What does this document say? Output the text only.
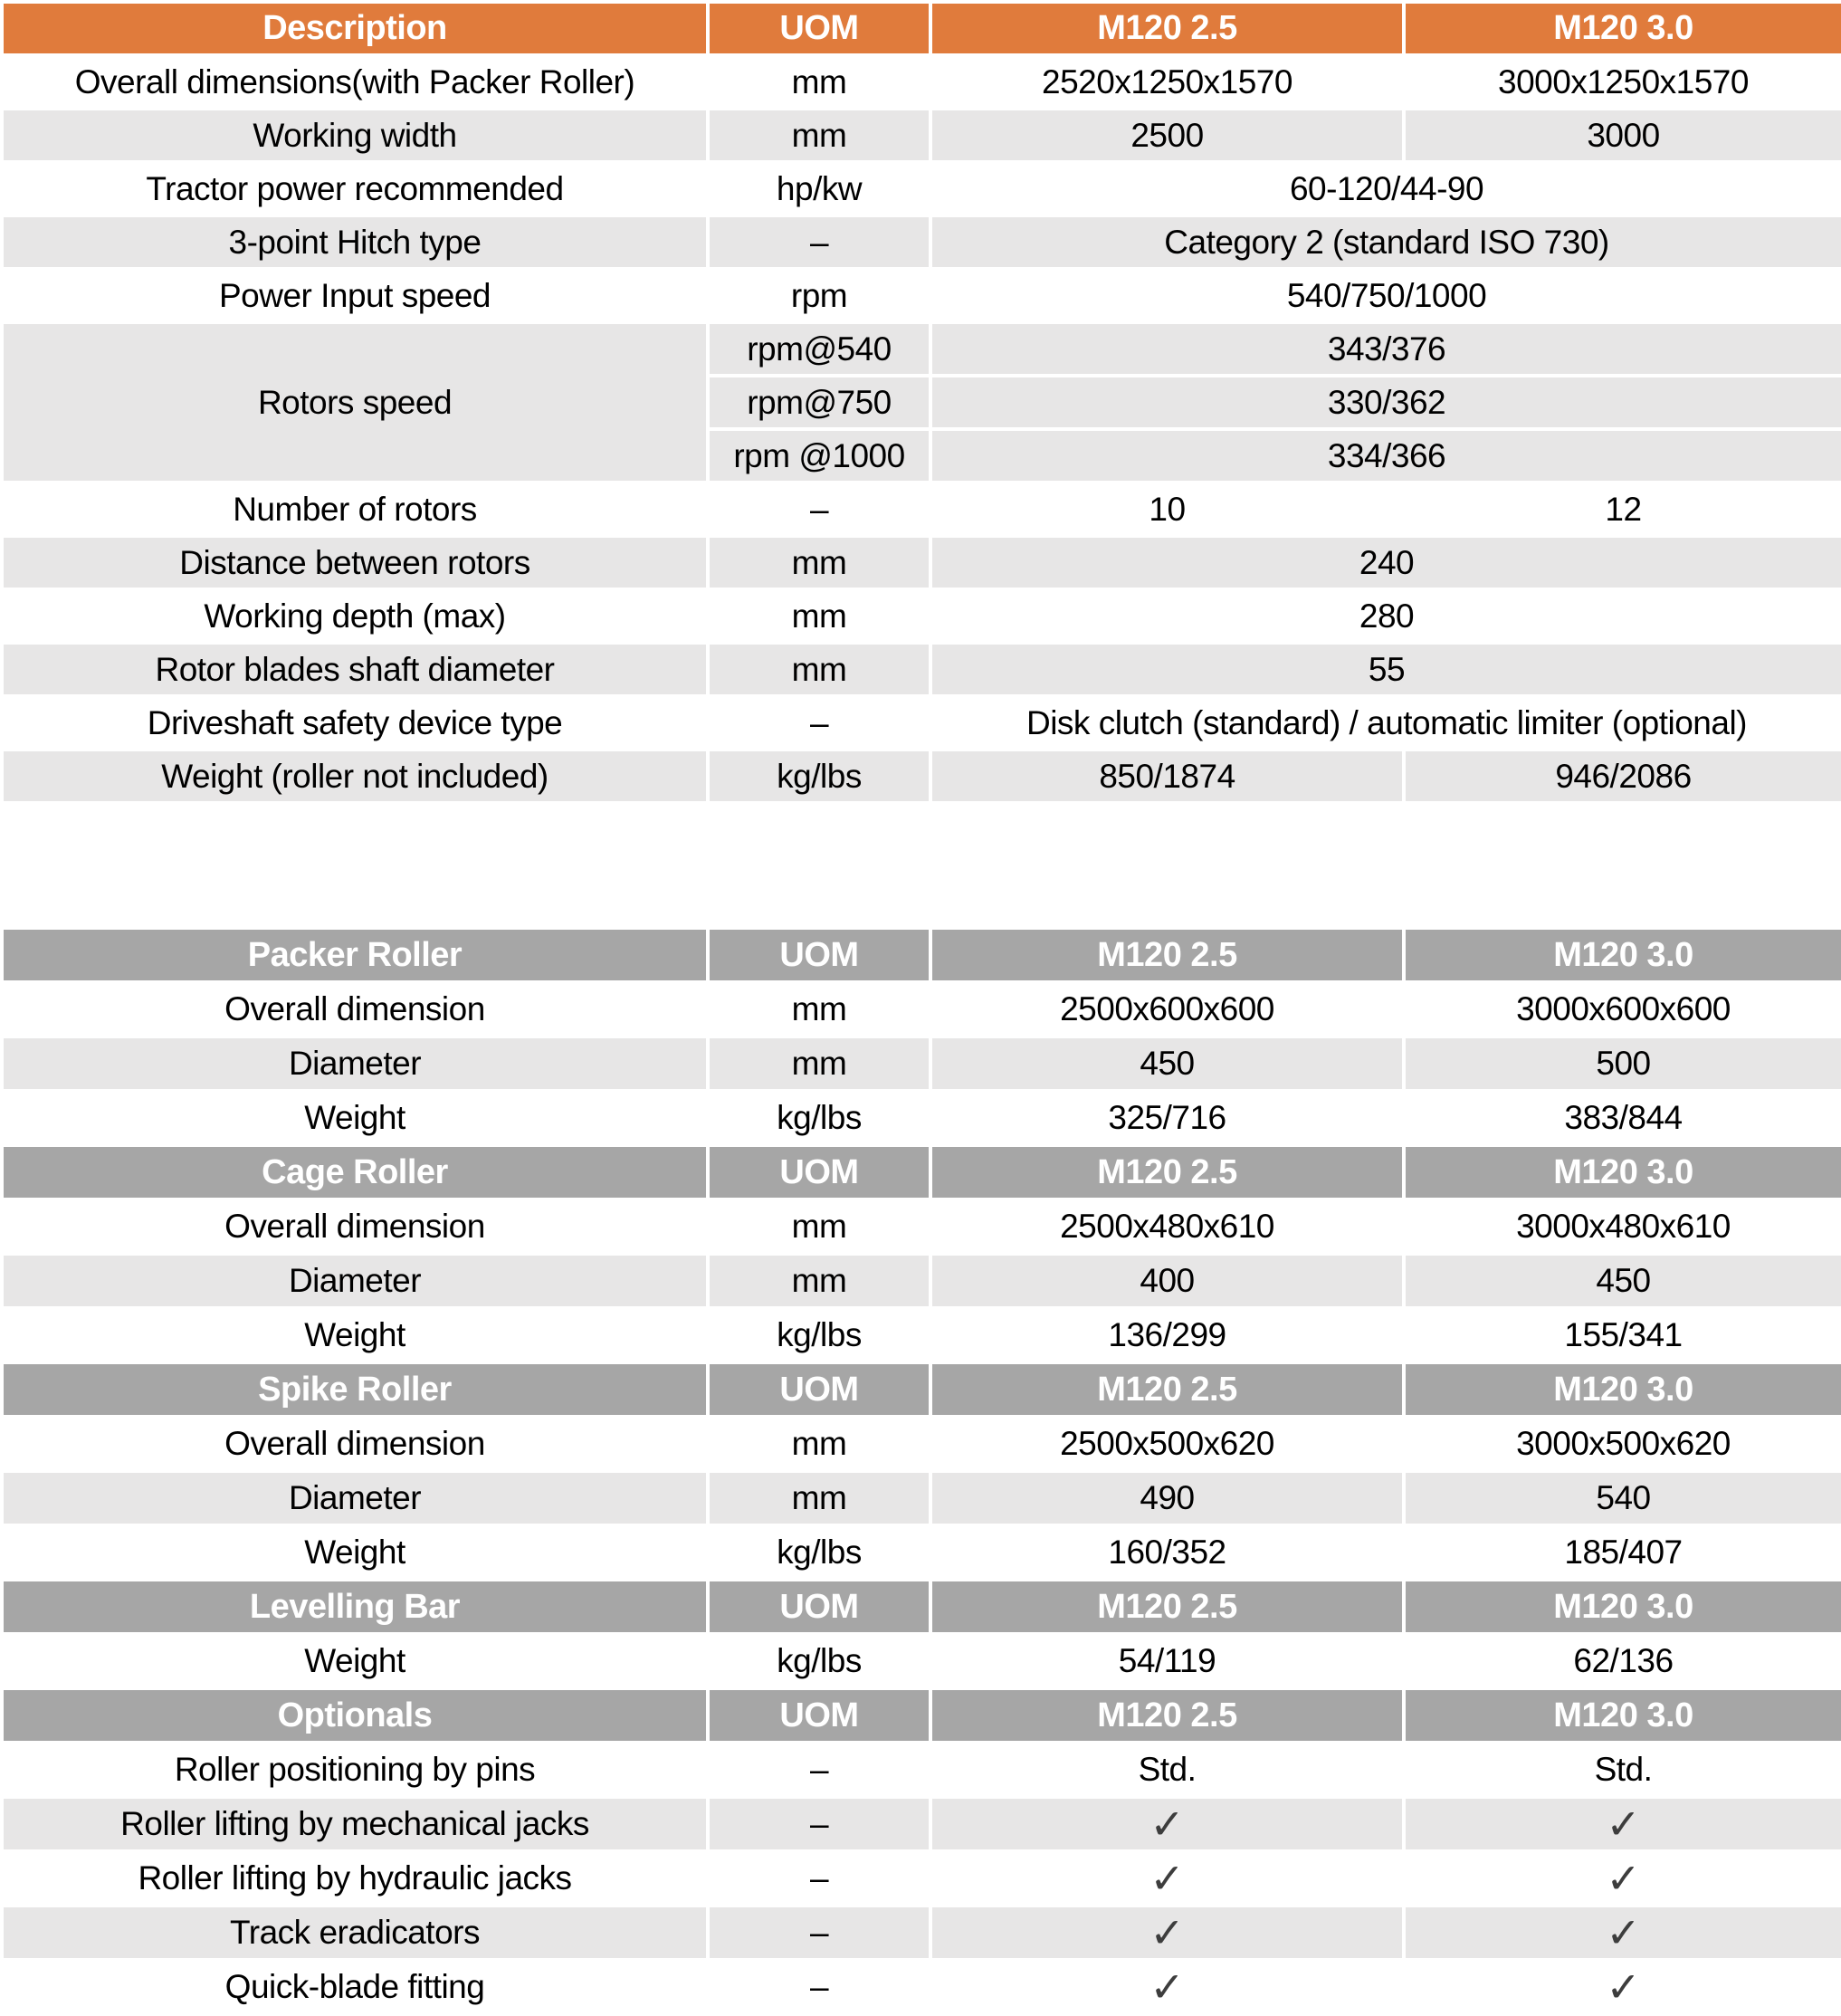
Description	UOM	M120 2.5	M120 3.0
Overall dimensions(with Packer Roller)	mm	2520x1250x1570	3000x1250x1570
Working width	mm	2500	3000
Tractor power recommended	hp/kw	60-120/44-90	
3-point Hitch type	–	Category 2 (standard ISO 730)	
Power Input speed	rpm	540/750/1000	
Rotors speed	rpm@540	343/376	
	rpm@750	330/362	
	rpm @1000	334/366	
Number of rotors	–	10	12
Distance between rotors	mm	240	
Working depth (max)	mm	280	
Rotor blades shaft diameter	mm	55	
Driveshaft safety device type	–	Disk clutch (standard) / automatic limiter (optional)	
Weight (roller not included)	kg/lbs	850/1874	946/2086
Packer Roller	UOM	M120 2.5	M120 3.0
Overall dimension	mm	2500x600x600	3000x600x600
Diameter	mm	450	500
Weight	kg/lbs	325/716	383/844
Cage Roller	UOM	M120 2.5	M120 3.0
Overall dimension	mm	2500x480x610	3000x480x610
Diameter	mm	400	450
Weight	kg/lbs	136/299	155/341
Spike Roller	UOM	M120 2.5	M120 3.0
Overall dimension	mm	2500x500x620	3000x500x620
Diameter	mm	490	540
Weight	kg/lbs	160/352	185/407
Levelling Bar	UOM	M120 2.5	M120 3.0
Weight	kg/lbs	54/119	62/136
Optionals	UOM	M120 2.5	M120 3.0
Roller positioning by pins	–	Std.	Std.
Roller lifting by mechanical jacks	–	✓	✓
Roller lifting by hydraulic jacks	–	✓	✓
Track eradicators	–	✓	✓
Quick-blade fitting	–	✓	✓
